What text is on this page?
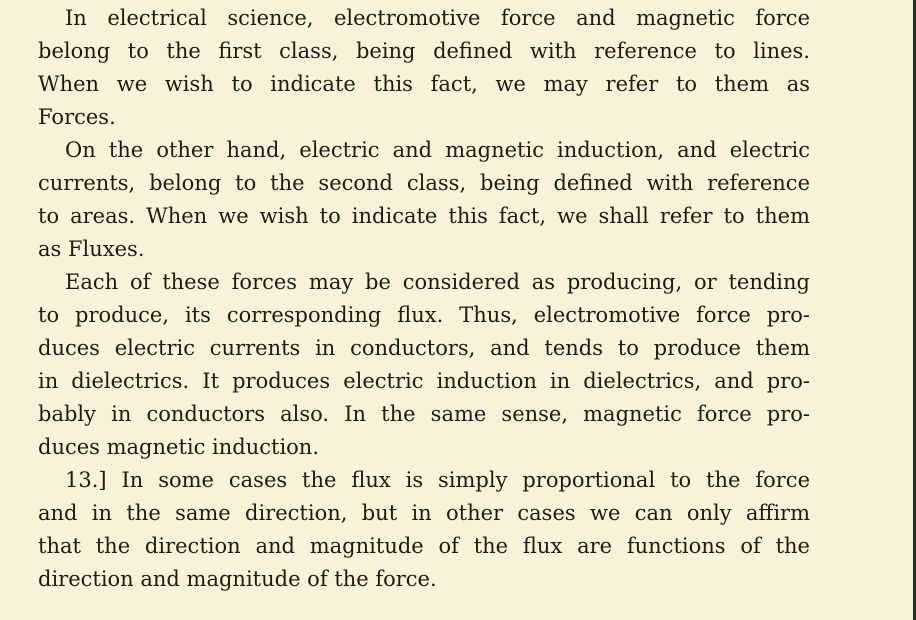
In electrical science, electromotive force and magnetic force
belong to the first class, being defined with reference to lines.
When we wish to indicate this fact, we may refer to them as
Forces.
On the other hand, electric and magnetic induction, and electric
currents, belong to the second class, being defined with reference
to areas. When we wish to indicate this fact, we shall refer to them
as Fluxes.
Each of these forces may be considered as producing, or tending
to produce, its corresponding flux. Thus, electromotive force pro-
duces electric currents in conductors, and tends to produce them
in dielectrics. It produces electric induction in dielectrics, and pro-
bably in conductors also. In the same sense, magnetic force pro-
duces magnetic induction.
13.] In some cases the flux is simply proportional to the force
and in the same direction, but in other cases we can only affirm
that the direction and magnitude of the flux are functions of the
direction and magnitude of the force.
